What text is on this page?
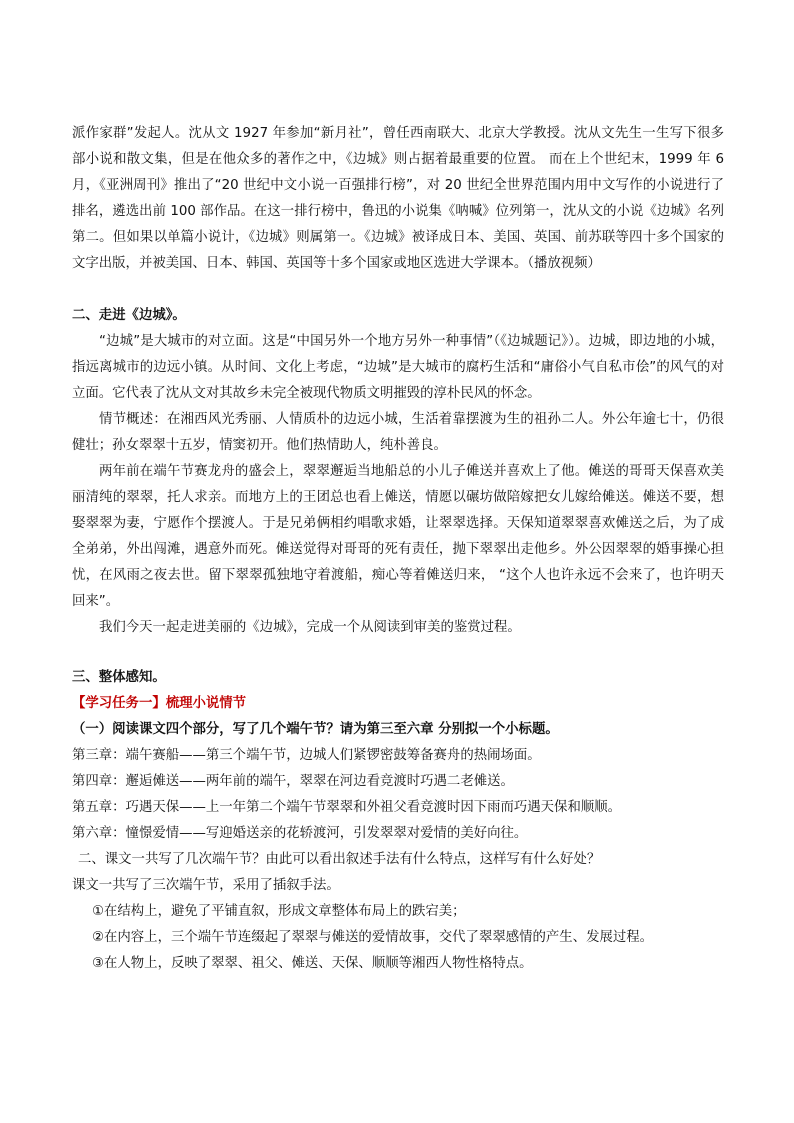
派作家群”发起人。沈从文 1927 年参加“新月社”，曾任西南联大、北京大学教授。沈从文先生一生写下很多部小说和散文集，但是在他众多的著作之中，《边城》则占据着最重要的位置。 而在上个世纪末，1999 年 6 月，《亚洲周刊》推出了“20 世纪中文小说一百强排行榜”，对 20 世纪全世界范围内用中文写作的小说进行了排名，遴选出前 100 部作品。在这一排行榜中，鲁迅的小说集《呐喊》位列第一，沈从文的小说《边城》名列第二。但如果以单篇小说计，《边城》则属第一。《边城》被译成日本、美国、英国、前苏联等四十多个国家的文字出版，并被美国、日本、韩国、英国等十多个国家或地区选进大学课本。（播放视频）

二、走进《边城》。

“边城”是大城市的对立面。这是“中国另外一个地方另外一种事情”（《边城题记》）。边城，即边地的小城，指远离城市的边远小镇。从时间、文化上考虑，“边城”是大城市的腐朽生活和“庸俗小气自私市侩”的风气的对立面。它代表了沈从文对其故乡未完全被现代物质文明摧毁的淳朴民风的怀念。

情节概述：在湘西风光秀丽、人情质朴的边远小城，生活着靠摆渡为生的祖孙二人。外公年逾七十，仍很健壮；孙女翠翠十五岁，情窦初开。他们热情助人，纯朴善良。

两年前在端午节赛龙舟的盛会上，翠翠邂逅当地船总的小儿子傩送并喜欢上了他。傩送的哥哥天保喜欢美丽清纯的翠翠，托人求亲。而地方上的王团总也看上傩送，情愿以碾坊做陪嫁把女儿嫁给傩送。傩送不要，想娶翠翠为妻，宁愿作个摆渡人。于是兄弟俩相约唱歌求婚，让翠翠选择。天保知道翠翠喜欢傩送之后，为了成全弟弟，外出闯滩，遇意外而死。傩送觉得对哥哥的死有责任，抛下翠翠出走他乡。外公因翠翠的婚事操心担忧，在风雨之夜去世。留下翠翠孤独地守着渡船，痴心等着傩送归来， “这个人也许永远不会来了，也许明天回来”。

我们今天一起走进美丽的《边城》，完成一个从阅读到审美的鉴赏过程。

三、整体感知。

【学习任务一】梳理小说情节

（一）阅读课文四个部分，写了几个端午节？请为第三至六章 分别拟一个小标题。

第三章：端午赛船——第三个端午节，边城人们紧锣密鼓筹备赛舟的热闹场面。

第四章：邂逅傩送——两年前的端午，翠翠在河边看竞渡时巧遇二老傩送。

第五章：巧遇天保——上一年第二个端午节翠翠和外祖父看竞渡时因下雨而巧遇天保和顺顺。

第六章：憧憬爱情——写迎婚送亲的花轿渡河，引发翠翠对爱情的美好向往。

二、课文一共写了几次端午节？由此可以看出叙述手法有什么特点，这样写有什么好处？

课文一共写了三次端午节，采用了插叙手法。

①在结构上，避免了平铺直叙，形成文章整体布局上的跌宕美；

②在内容上，三个端午节连缀起了翠翠与傩送的爱情故事，交代了翠翠感情的产生、发展过程。

③在人物上，反映了翠翠、祖父、傩送、天保、顺顺等湘西人物性格特点。
